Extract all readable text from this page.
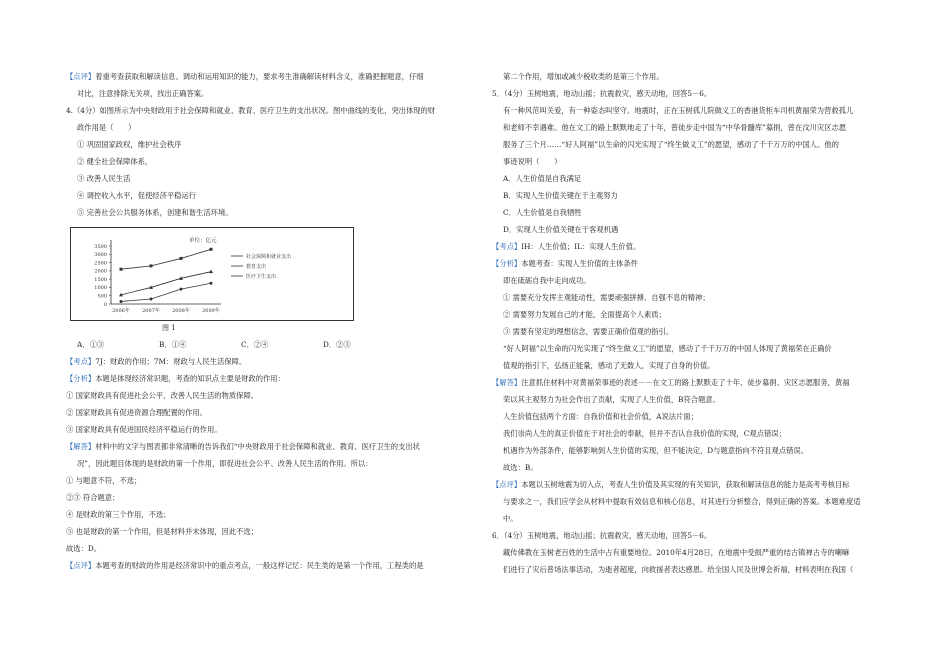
【点评】着重考查获取和解读信息、调动和运用知识的能力，要求考生准确解读材料含义，准确把握题意，仔细
对比，注意排除无关项，找出正确答案。
4.（4分）如图所示为中央财政用于社会保障和就业、教育、医疗卫生的支出状况。图中曲线的变化，突出体现的财
政作用是（　　）
① 巩固国家政权，维护社会秩序
② 健全社会保障体系，
③ 改善人民生活
④ 调控收入水平，促使经济平稳运行
⑤ 完善社会公共服务体系，创建和谐生活环境。
单位：亿元
0
500
1000
1500
2000
2500
3000
3500
2006年 2007年 2008年 2009年
社会保障和就业支出
教育支出
医疗卫生支出
图 1
A．①③	B．①④	C．②④	D．②③
【考点】7J：财政的作用；7M：财政与人民生活保障。
【分析】本题是体现经济常识题，考查的知识点主要是财政的作用：
① 国家财政具有促进社会公平、改善人民生活的物质保障。
② 国家财政具有促进资源合理配置的作用。
③ 国家财政具有促进国民经济平稳运行的作用。
【解答】材料中的文字与图表都非常清晰的告诉我们“中央财政用于社会保障和就业、教育、医疗卫生的支出状
况”，因此题目体现的是财政的第一个作用，即促进社会公平、改善人民生活的作用。所以：
① 与题意不符，不选；
②③ 符合题意；
④ 是财政的第三个作用，不选；
⑤ 也是财政的第一个作用，但是材料并未体现，因此不选；
故选：D。
【点评】本题考查的财政的作用是经济常识中的重点考点，一般这样记忆：民生类的是第一个作用，工程类的是
第二个作用，增加或减少税收类的是第三个作用。
5．（4分）玉树地震，地动山摇；抗震救灾，感天动地，回答5－6。
有一种风范叫关爱，有一种姿态叫坚守。地震时，正在玉树孤儿院做义工的香港货柜车司机黄福荣为营救孤儿
和老师不幸遇难。他在文工的路上默默地走了十年，曾徒步走中国为“中华骨髓库”募捐，曾在汶川灾区志愿
服务了三个月……“好人阿福”以生命的闪光实现了“终生做义工”的愿望，感动了千千万万的中国人。他的
事迹说明（　　）
A．人生价值是自我满足
B．实现人生价值关键在于主观努力
C．人生价值是自我牺牲
D．实现人生价值关键在于客观机遇
【考点】IH：人生价值；IL：实现人生价值。
【分析】本题考查：实现人生价值的主体条件
即在砥砺自我中走向成功。
① 需要充分发挥主观能动性，需要顽强拼搏、自强不息的精神；
② 需要努力发展自己的才能，全面提高个人素质；
③ 需要有坚定的理想信念，需要正确价值观的指引。
“好人阿福”以生命的闪光实现了“终生做义工”的愿望，感动了千千万万的中国人体现了黄福荣在正确价
值观的指引下，弘扬正能量，感动了无数人，实现了自身的价值。
【解答】注意抓住材料中对黄福荣事迹的表述－－在文工的路上默默走了十年、徒步募捐、灾区志愿服务，黄福
荣以其主观努力为社会作出了贡献，实现了人生价值，B符合题意。
人生价值包括两个方面：自我价值和社会价值，A说法片面；
我们崇尚人生的真正价值在于对社会的奉献，但并不否认自我价值的实现，C观点错误；
机遇作为外部条件，能够影响到人生价值的实现，但不能决定，D与题意指向不符且观点错误。
故选：B。
【点评】本题以玉树地震为切入点，考查人生价值及其实现的有关知识，获取和解读信息的能力是高考考核目标
与要求之一，我们应学会从材料中提取有效信息和核心信息，对其进行分析整合，得到正确的答案。本题难度适
中。
6．（4分）玉树地震，地动山摇；抗震救灾，感天动地，回答5－6。
藏传佛教在玉树老百姓的生活中占有重要地位。2010年4月28日，在地震中受损严重的结古镇禅古寺的喇嘛
们进行了灾后普场法事活动，为逝者超度，向救援者表达感恩。给全国人民及世博会祈福，材料表明在我国（
